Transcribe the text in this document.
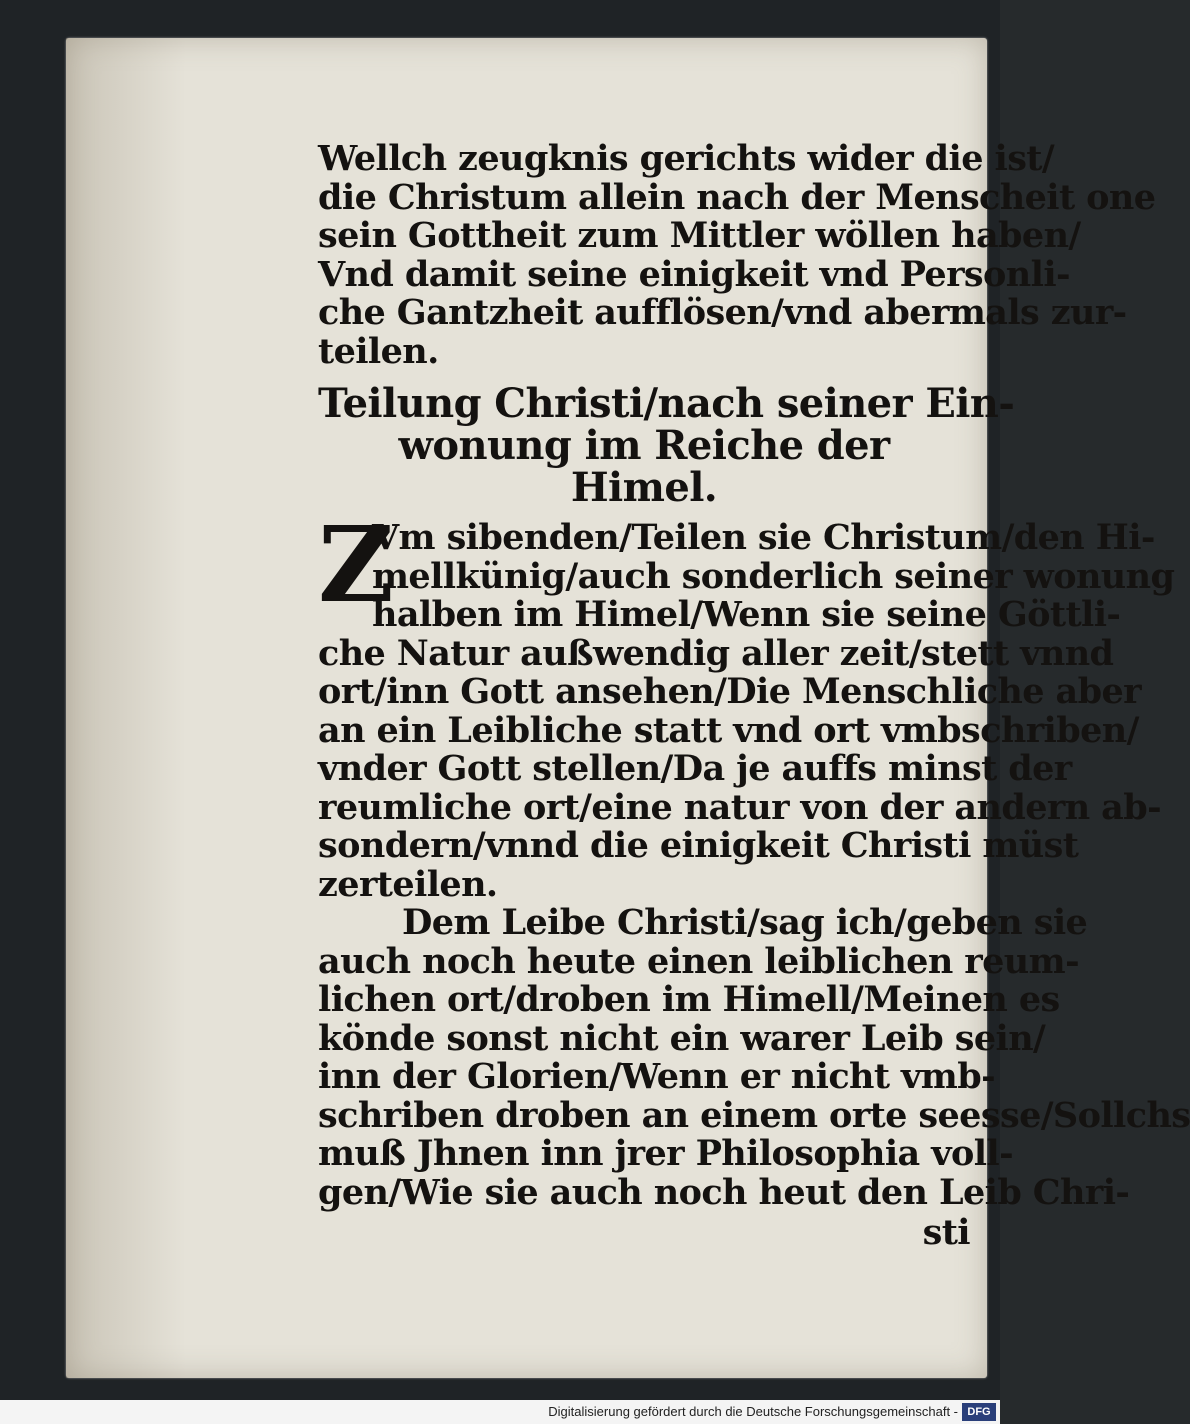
Wellch zeugknis gerichts wider die ist/
die Christum allein nach der Menscheit one
sein Gottheit zum Mittler wöllen haben/
Vnd damit seine einigkeit vnd Personli-
che Gantzheit aufflösen/vnd abermals zur-
teilen.
Teilung Christi/nach seiner Ein-
wonung im Reiche der
Himel.
Z
Vm sibenden/Teilen sie Christum/den Hi-
mellkünig/auch sonderlich seiner wonung
halben im Himel/Wenn sie seine Göttli-
che Natur außwendig aller zeit/stett vnnd
ort/inn Gott ansehen/Die Menschliche aber
an ein Leibliche statt vnd ort vmbschriben/
vnder Gott stellen/Da je auffs minst der
reumliche ort/eine natur von der andern ab-
sondern/vnnd die einigkeit Christi müst
zerteilen.
Dem Leibe Christi/sag ich/geben sie
auch noch heute einen leiblichen reum-
lichen ort/droben im Himell/Meinen es
könde sonst nicht ein warer Leib sein/
inn der Glorien/Wenn er nicht vmb-
schriben droben an einem orte seesse/Sollchs
muß Jhnen inn jrer Philosophia voll-
gen/Wie sie auch noch heut den Leib Chri-
sti
Digitalisierung gefördert durch die Deutsche Forschungsgemeinschaft - DFG
